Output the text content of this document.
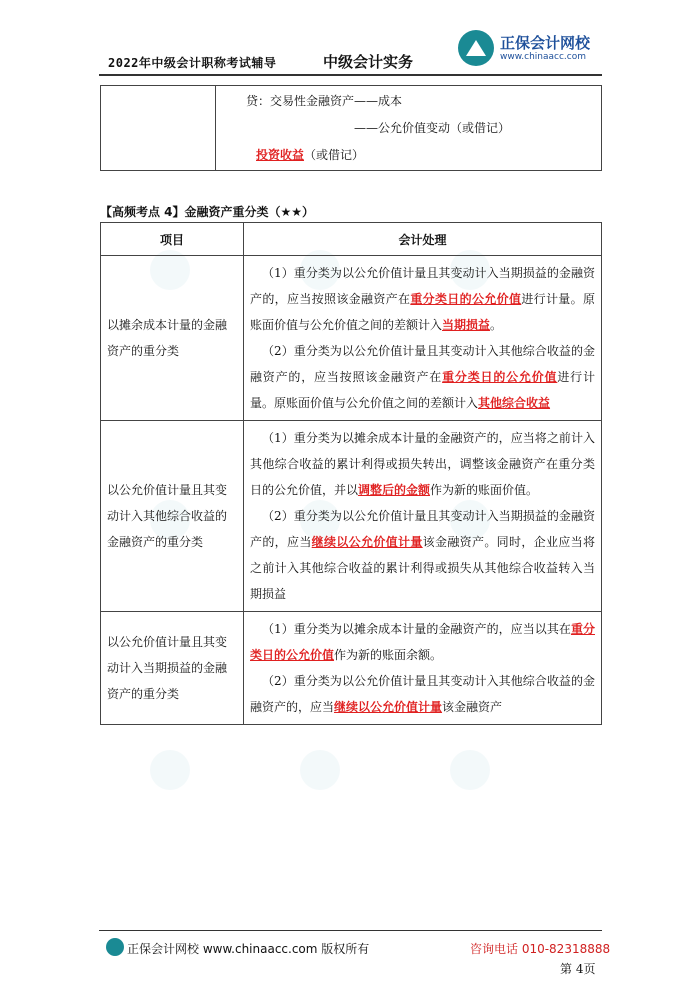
2022年中级会计职称考试辅导	中级会计实务
正保会计网校
www.chinaacc.com

贷：交易性金融资产——成本
——公允价值变动（或借记）
投资收益（或借记）
【高频考点 4】金融资产重分类（★★）
项目	会计处理
以摊余成本计量的金融资产的重分类	（1）重分类为以公允价值计量且其变动计入当期损益的金融资产的，应当按照该金融资产在重分类日的公允价值进行计量。原账面价值与公允价值之间的差额计入当期损益。
（2）重分类为以公允价值计量且其变动计入其他综合收益的金融资产的，应当按照该金融资产在重分类日的公允价值进行计量。原账面价值与公允价值之间的差额计入其他综合收益

以公允价值计量且其变动计入其他综合收益的金融资产的重分类	（1）重分类为以摊余成本计量的金融资产的，应当将之前计入其他综合收益的累计利得或损失转出，调整该金融资产在重分类日的公允价值，并以调整后的金额作为新的账面价值。
（2）重分类为以公允价值计量且其变动计入当期损益的金融资产的，应当继续以公允价值计量该金融资产。同时，企业应当将之前计入其他综合收益的累计利得或损失从其他综合收益转入当期损益

以公允价值计量且其变动计入当期损益的金融资产的重分类	（1）重分类为以摊余成本计量的金融资产的，应当以其在重分类日的公允价值作为新的账面余额。
（2）重分类为以公允价值计量且其变动计入其他综合收益的金融资产的，应当继续以公允价值计量该金融资产
正保会计网校 www.chinaacc.com 版权所有	咨询电话 010-82318888
第 4页
